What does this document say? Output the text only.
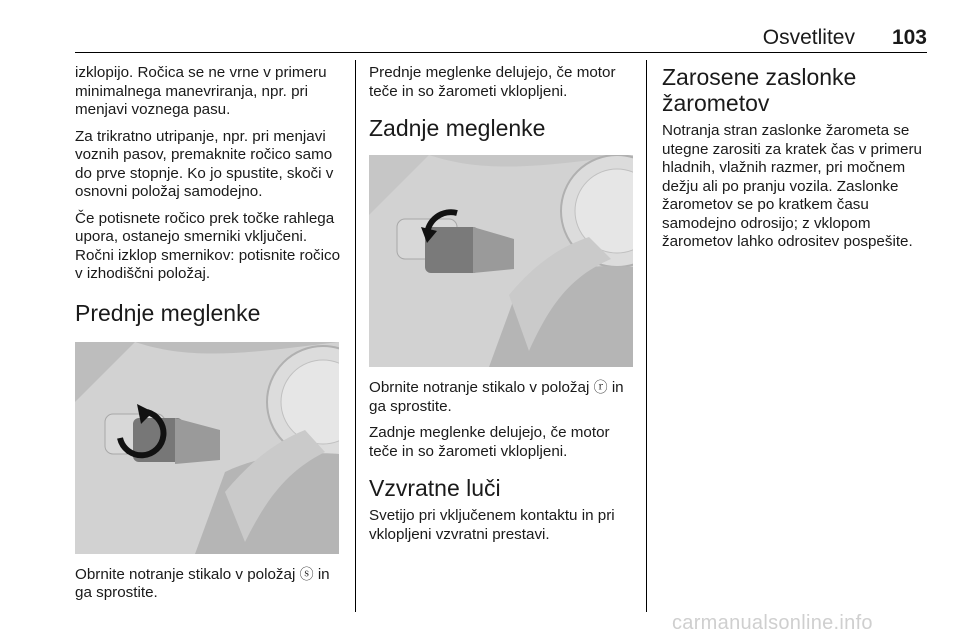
Osvetlitev 103

izklopijo. Ročica se ne vrne v primeru minimalnega manevriranja, npr. pri menjavi voznega pasu.

Za trikratno utripanje, npr. pri menjavi voznih pasov, premaknite ročico samo do prve stopnje. Ko jo spustite, skoči v osnovni položaj samodejno.

Če potisnete ročico prek točke rahlega upora, ostanejo smerniki vključeni. Ročni izklop smernikov: potisnite ročico v izhodiščni položaj.

Prednje meglenke

Obrnite notranje stikalo v položaj ⓢ in ga sprostite.

Prednje meglenke delujejo, če motor teče in so žarometi vklopljeni.

Zadnje meglenke

Obrnite notranje stikalo v položaj ⓡ in ga sprostite.

Zadnje meglenke delujejo, če motor teče in so žarometi vklopljeni.

Vzvratne luči

Svetijo pri vključenem kontaktu in pri vklopljeni vzvratni prestavi.

Zarosene zaslonke žarometov

Notranja stran zaslonke žarometa se utegne zarositi za kratek čas v primeru hladnih, vlažnih razmer, pri močnem dežju ali po pranju vozila. Zaslonke žarometov se po kratkem času samodejno odrosijo; z vklopom žarometov lahko odrositev pospešite.

carmanualsonline.info
